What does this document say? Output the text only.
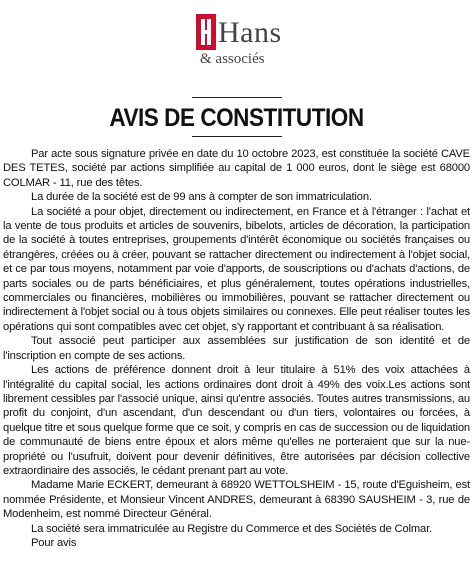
Hans
& associés
AVIS DE CONSTITUTION

Par acte sous signature privée en date du 10 octobre 2023, est constituée la société CAVE DES TETES, société par actions simplifiée au capital de 1 000 euros, dont le siège est 68000 COLMAR - 11, rue des têtes.

La durée de la société est de 99 ans à compter de son immatriculation.

La société a pour objet, directement ou indirectement, en France et à l'étranger : l'achat et la vente de tous produits et articles de souvenirs, bibelots, articles de décoration, la participation de la société à toutes entreprises, groupements d'intérêt économique ou sociétés françaises ou étrangères, créées ou à créer, pouvant se rattacher directement ou indirectement à l'objet social, et ce par tous moyens, notamment par voie d'apports, de souscriptions ou d'achats d'actions, de parts sociales ou de parts bénéficiaires, et plus généralement, toutes opérations industrielles, commerciales ou financières, mobilières ou immobilières, pouvant se rattacher directement ou indirectement à l'objet social ou à tous objets similaires ou connexes. Elle peut réaliser toutes les opérations qui sont compatibles avec cet objet, s'y rapportant et contribuant à sa réalisation.

Tout associé peut participer aux assemblées sur justification de son identité et de l'inscription en compte de ses actions.

Les actions de préférence donnent droit à leur titulaire à 51% des voix attachées à l'intégralité du capital social, les actions ordinaires dont droit à 49% des voix.Les actions sont librement cessibles par l'associé unique, ainsi qu'entre associés. Toutes autres transmissions, au profit du conjoint, d'un ascendant, d'un descendant ou d'un tiers, volontaires ou forcées, à quelque titre et sous quelque forme que ce soit, y compris en cas de succession ou de liquidation de communauté de biens entre époux et alors même qu'elles ne porteraient que sur la nue-propriété ou l'usufruit, doivent pour devenir définitives, être autorisées par décision collective extraordinaire des associés, le cédant prenant part au vote.

Madame Marie ECKERT, demeurant à 68920 WETTOLSHEIM - 15, route d'Eguisheim, est nommée Présidente, et Monsieur Vincent ANDRES, demeurant à 68390 SAUSHEIM - 3, rue de Modenheim, est nommé Directeur Général.

La société sera immatriculée au Registre du Commerce et des Sociétés de Colmar.

Pour avis
